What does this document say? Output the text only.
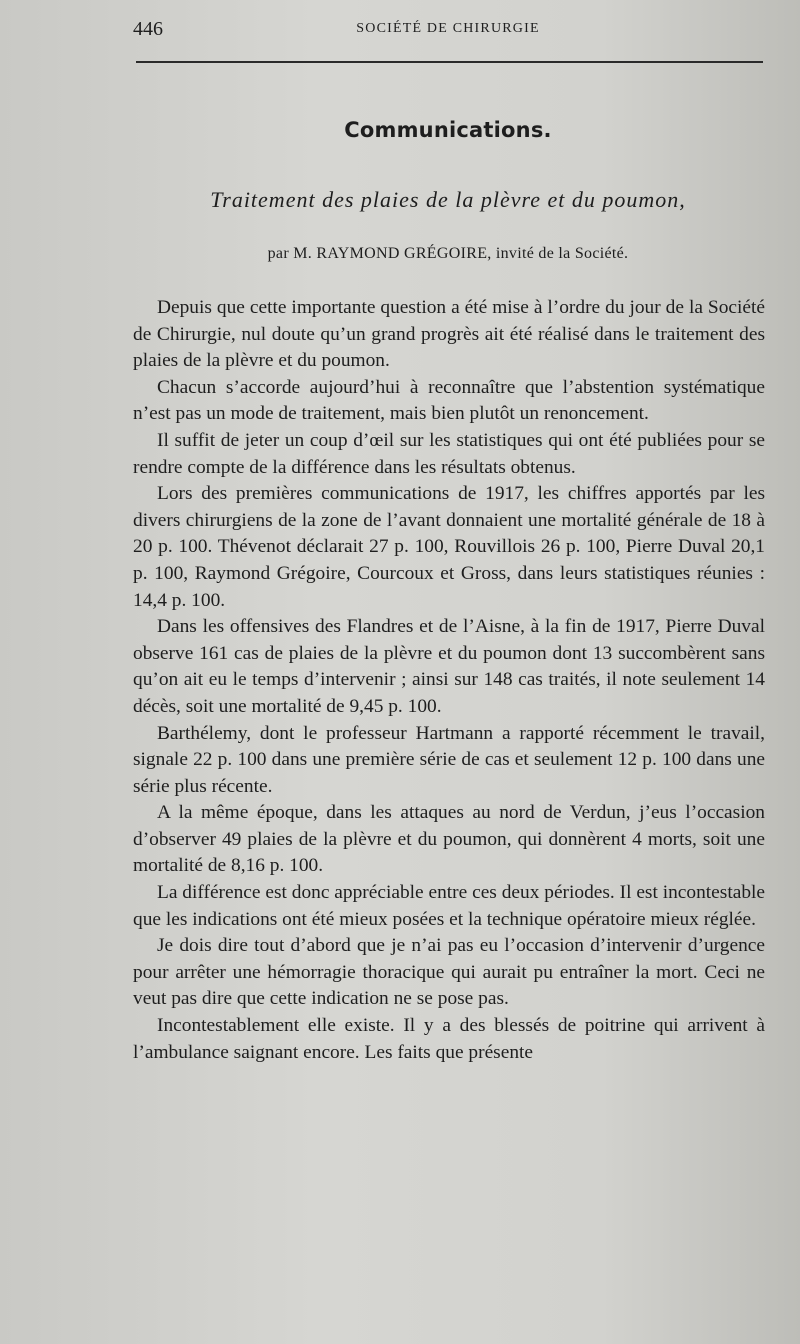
446	SOCIÉTÉ DE CHIRURGIE
Communications.
Traitement des plaies de la plèvre et du poumon,
par M. RAYMOND GRÉGOIRE, invité de la Société.

Depuis que cette importante question a été mise à l’ordre du jour de la Société de Chirurgie, nul doute qu’un grand progrès ait été réalisé dans le traitement des plaies de la plèvre et du poumon.

Chacun s’accorde aujourd’hui à reconnaître que l’abstention systématique n’est pas un mode de traitement, mais bien plutôt un renoncement.

Il suffit de jeter un coup d’œil sur les statistiques qui ont été publiées pour se rendre compte de la différence dans les résultats obtenus.

Lors des premières communications de 1917, les chiffres apportés par les divers chirurgiens de la zone de l’avant donnaient une mortalité générale de 18 à 20 p. 100. Thévenot déclarait 27 p. 100, Rouvillois 26 p. 100, Pierre Duval 20,1 p. 100, Raymond Grégoire, Courcoux et Gross, dans leurs statistiques réunies : 14,4 p. 100.

Dans les offensives des Flandres et de l’Aisne, à la fin de 1917, Pierre Duval observe 161 cas de plaies de la plèvre et du poumon dont 13 succombèrent sans qu’on ait eu le temps d’intervenir ; ainsi sur 148 cas traités, il note seulement 14 décès, soit une mortalité de 9,45 p. 100.

Barthélemy, dont le professeur Hartmann a rapporté récemment le travail, signale 22 p. 100 dans une première série de cas et seulement 12 p. 100 dans une série plus récente.

A la même époque, dans les attaques au nord de Verdun, j’eus l’occasion d’observer 49 plaies de la plèvre et du poumon, qui donnèrent 4 morts, soit une mortalité de 8,16 p. 100.

La différence est donc appréciable entre ces deux périodes. Il est incontestable que les indications ont été mieux posées et la technique opératoire mieux réglée.

Je dois dire tout d’abord que je n’ai pas eu l’occasion d’intervenir d’urgence pour arrêter une hémorragie thoracique qui aurait pu entraîner la mort. Ceci ne veut pas dire que cette indication ne se pose pas.

Incontestablement elle existe. Il y a des blessés de poitrine qui arrivent à l’ambulance saignant encore. Les faits que présente
